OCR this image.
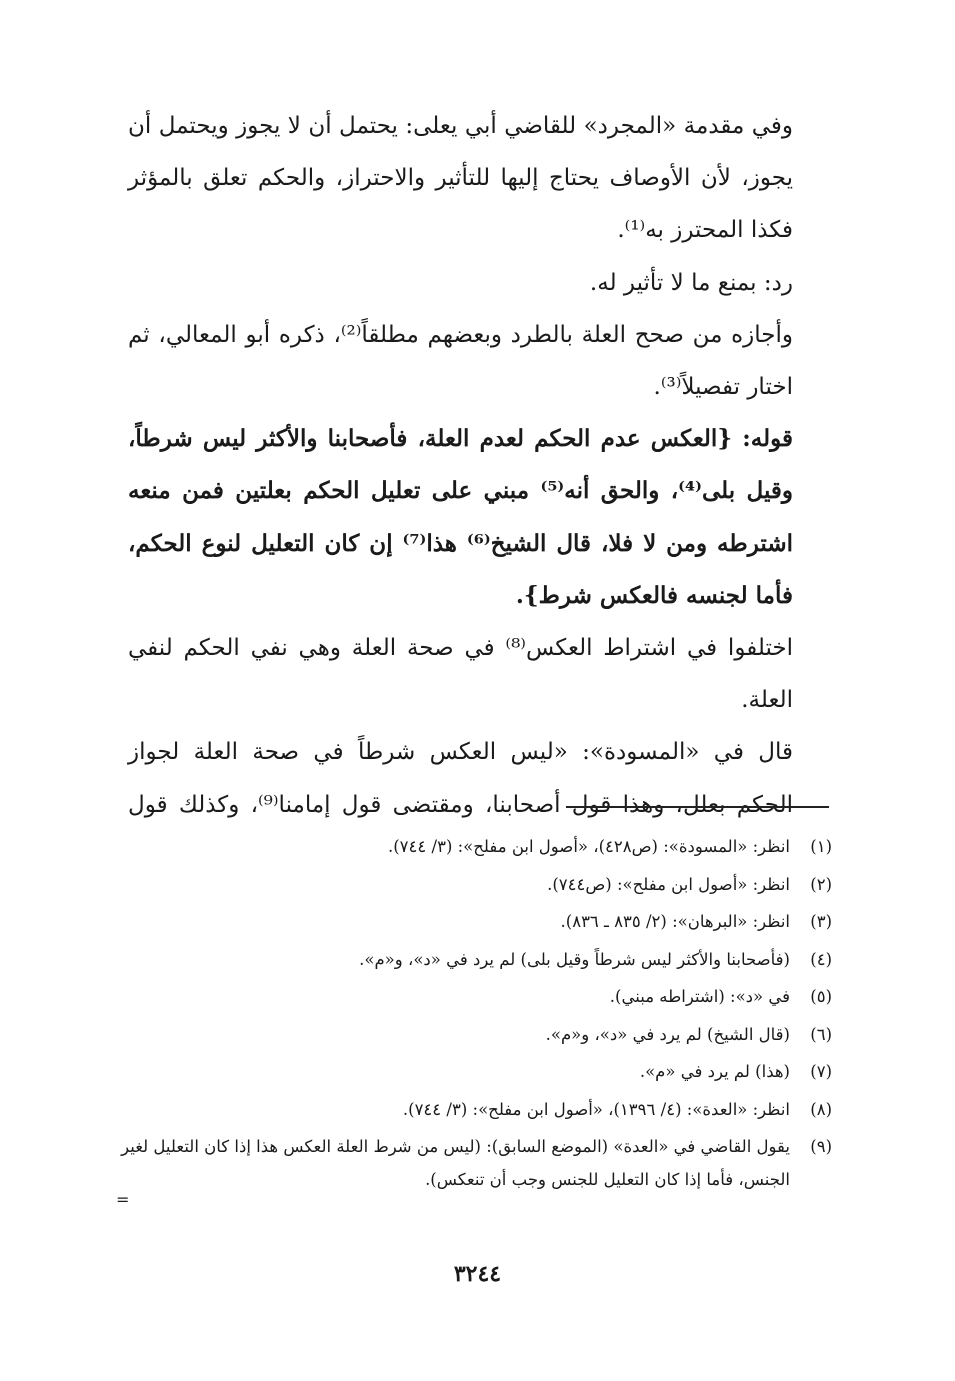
وفي مقدمة «المجرد» للقاضي أبي يعلى: يحتمل أن لا يجوز ويحتمل أن يجوز، لأن الأوصاف يحتاج إليها للتأثير والاحتراز، والحكم تعلق بالمؤثر فكذا المحترز به⁽¹⁾.

رد: بمنع ما لا تأثير له.

وأجازه من صحح العلة بالطرد وبعضهم مطلقاً⁽²⁾، ذكره أبو المعالي، ثم اختار تفصيلاً⁽³⁾.

قوله: {العكس عدم الحكم لعدم العلة، فأصحابنا والأكثر ليس شرطاً، وقيل بلى⁽⁴⁾، والحق أنه⁽⁵⁾ مبني على تعليل الحكم بعلتين فمن منعه اشترطه ومن لا فلا، قال الشيخ⁽⁶⁾ هذا⁽⁷⁾ إن كان التعليل لنوع الحكم، فأما لجنسه فالعكس شرط}.

اختلفوا في اشتراط العكس⁽⁸⁾ في صحة العلة وهي نفي الحكم لنفي العلة.

قال في «المسودة»: «ليس العكس شرطاً في صحة العلة لجواز الحكم بعلل، وهذا قول أصحابنا، ومقتضى قول إمامنا⁽⁹⁾، وكذلك قول

(١)
انظر: «المسودة»: (ص٤٢٨)، «أصول ابن مفلح»: (٣/ ٧٤٤).
(٢)
انظر: «أصول ابن مفلح»: (ص٧٤٤).
(٣)
انظر: «البرهان»: (٢/ ٨٣٥ ـ ٨٣٦).
(٤)
(فأصحابنا والأكثر ليس شرطاً وقيل بلى) لم يرد في «د»، و«م».
(٥)
في «د»: (اشتراطه مبني).
(٦)
(قال الشيخ) لم يرد في «د»، و«م».
(٧)
(هذا) لم يرد في «م».
(٨)
انظر: «العدة»: (٤/ ١٣٩٦)، «أصول ابن مفلح»: (٣/ ٧٤٤).
(٩)
يقول القاضي في «العدة» (الموضع السابق): (ليس من شرط العلة العكس هذا إذا كان التعليل لغير الجنس، فأما إذا كان التعليل للجنس وجب أن تنعكس).
=
٣٢٤٤
